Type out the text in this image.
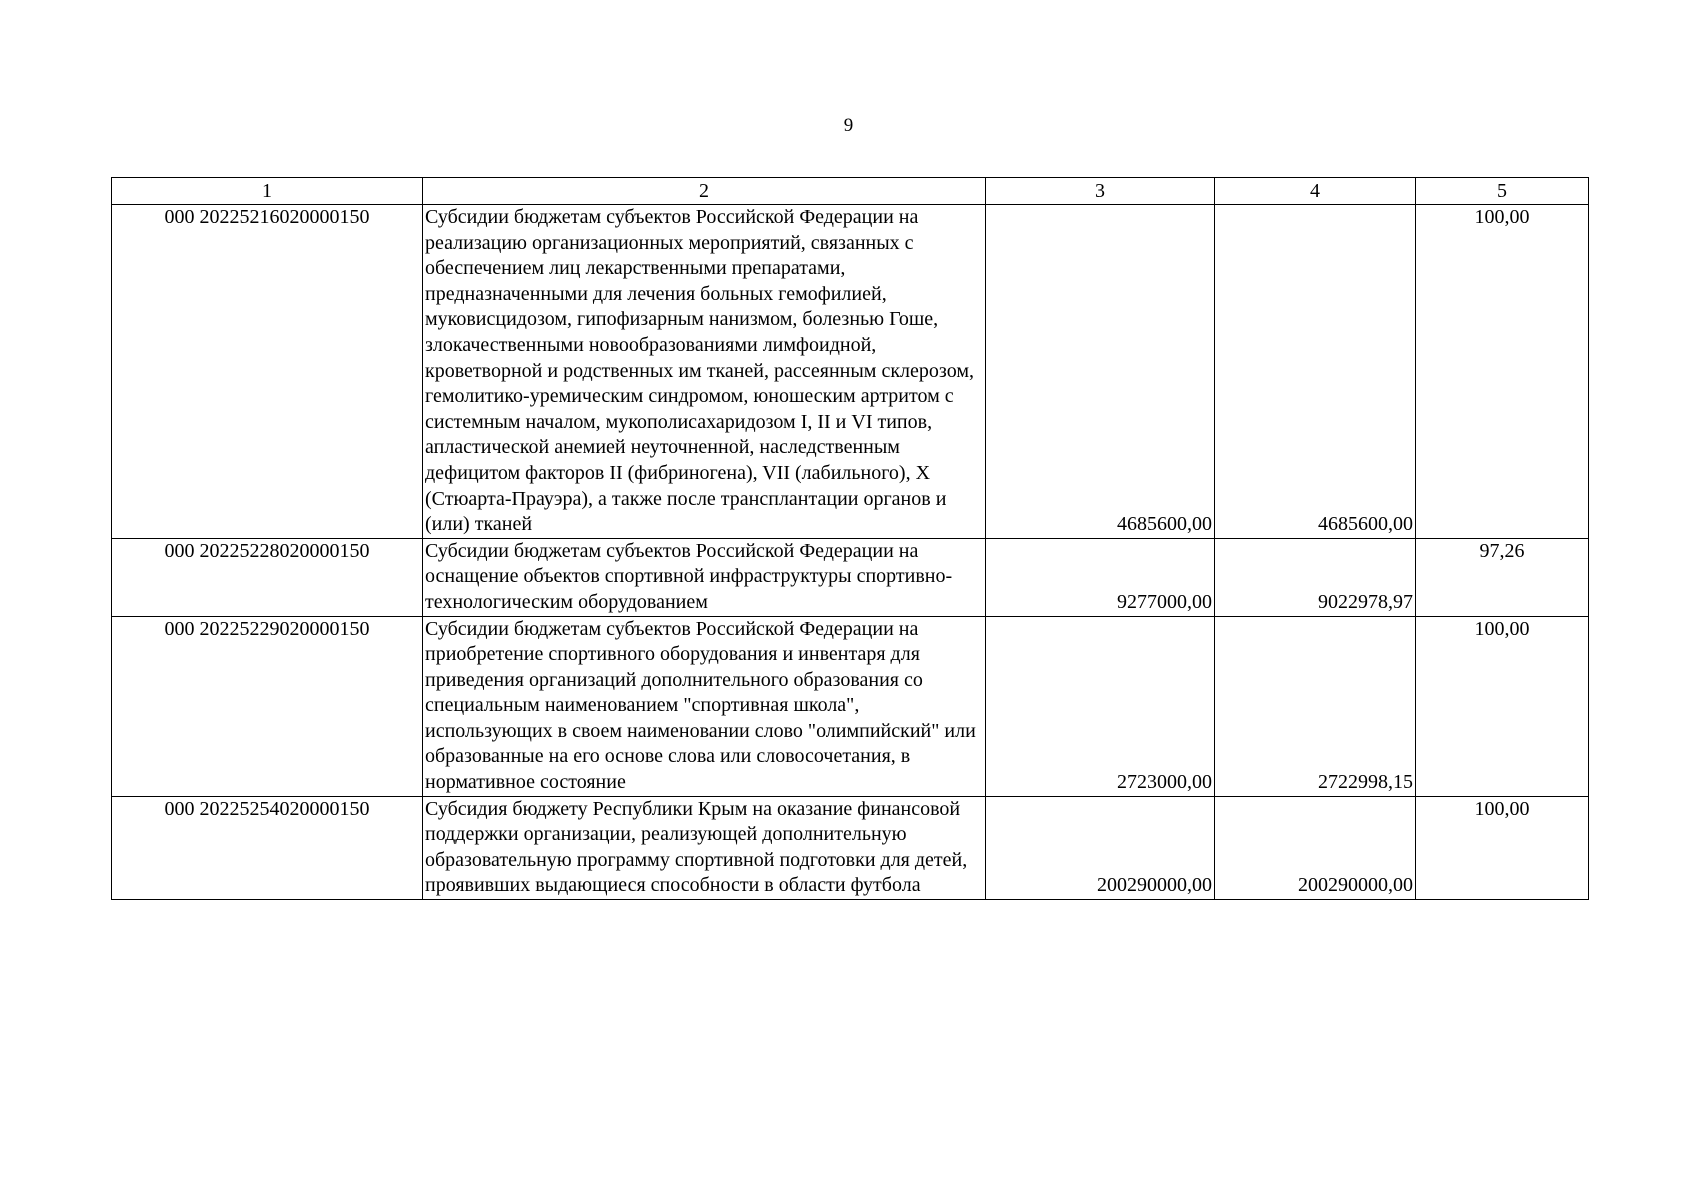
9
1	2	3	4	5
000 20225216020000150	Субсидии бюджетам субъектов Российской Федерации на реализацию организационных мероприятий, связанных с обеспечением лиц лекарственными препаратами, предназначенными для лечения больных гемофилией, муковисцидозом, гипофизарным нанизмом, болезнью Гоше, злокачественными новообразованиями лимфоидной, кроветворной и родственных им тканей, рассеянным склерозом, гемолитико-уремическим синдромом, юношеским артритом с системным началом, мукополисахаридозом I, II и VI типов, апластической анемией неуточненной, наследственным дефицитом факторов II (фибриногена), VII (лабильного), X (Стюарта-Прауэра), а также после трансплантации органов и (или) тканей	4685600,00	4685600,00	100,00
000 20225228020000150	Субсидии бюджетам субъектов Российской Федерации на оснащение объектов спортивной инфраструктуры спортивно-технологическим оборудованием	9277000,00	9022978,97	97,26
000 20225229020000150	Субсидии бюджетам субъектов Российской Федерации на приобретение спортивного оборудования и инвентаря для приведения организаций дополнительного образования со специальным наименованием "спортивная школа", использующих в своем наименовании слово "олимпийский" или образованные на его основе слова или словосочетания, в нормативное состояние	2723000,00	2722998,15	100,00
000 20225254020000150	Субсидия бюджету Республики Крым на оказание финансовой поддержки организации, реализующей дополнительную образовательную программу спортивной подготовки для детей, проявивших выдающиеся способности в области футбола	200290000,00	200290000,00	100,00
